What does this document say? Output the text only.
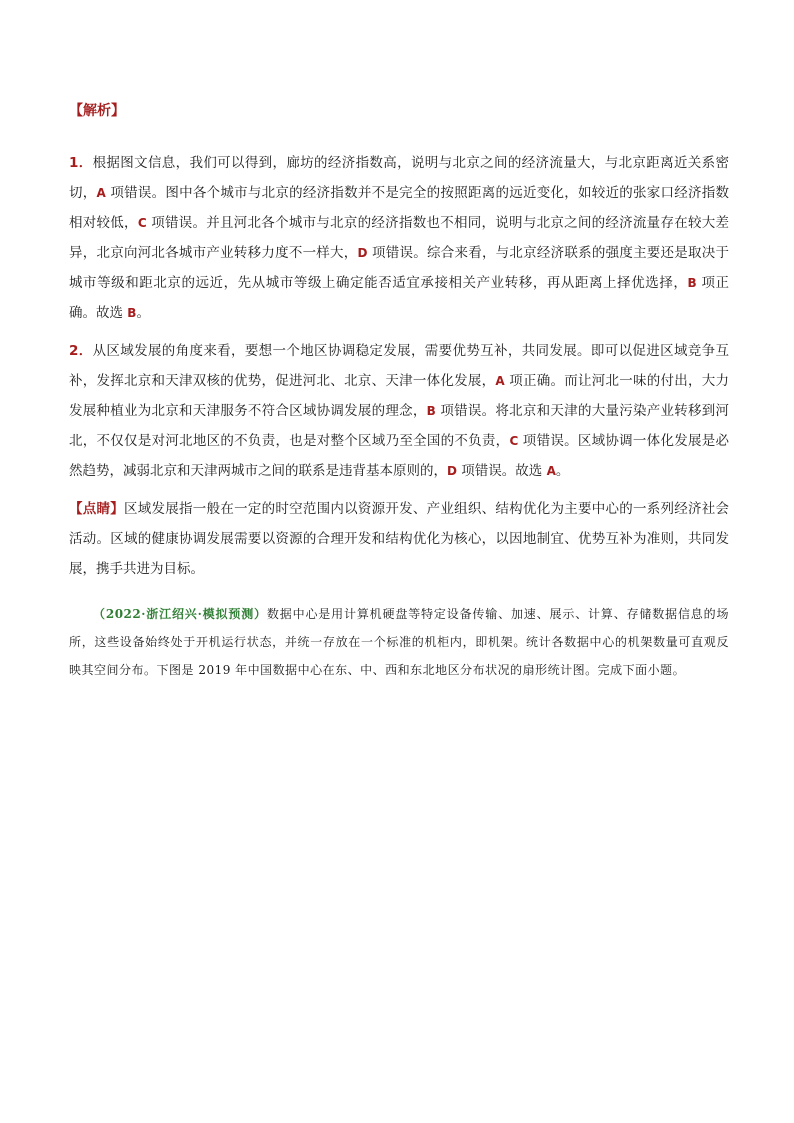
【解析】
1．根据图文信息，我们可以得到，廊坊的经济指数高，说明与北京之间的经济流量大，与北京距离近关系密切，A 项错误。图中各个城市与北京的经济指数并不是完全的按照距离的远近变化，如较近的张家口经济指数相对较低，C 项错误。并且河北各个城市与北京的经济指数也不相同，说明与北京之间的经济流量存在较大差异，北京向河北各城市产业转移力度不一样大，D 项错误。综合来看，与北京经济联系的强度主要还是取决于城市等级和距北京的远近，先从城市等级上确定能否适宜承接相关产业转移，再从距离上择优选择，B 项正确。故选 B。
2．从区域发展的角度来看，要想一个地区协调稳定发展，需要优势互补，共同发展。即可以促进区域竞争互补，发挥北京和天津双核的优势，促进河北、北京、天津一体化发展，A 项正确。而让河北一味的付出，大力发展种植业为北京和天津服务不符合区域协调发展的理念，B 项错误。将北京和天津的大量污染产业转移到河北，不仅仅是对河北地区的不负责，也是对整个区域乃至全国的不负责，C 项错误。区域协调一体化发展是必然趋势，减弱北京和天津两城市之间的联系是违背基本原则的，D 项错误。故选 A。
【点睛】区域发展指一般在一定的时空范围内以资源开发、产业组织、结构优化为主要中心的一系列经济社会活动。区域的健康协调发展需要以资源的合理开发和结构优化为核心，以因地制宜、优势互补为准则，共同发展，携手共进为目标。
（2022·浙江绍兴·模拟预测）数据中心是用计算机硬盘等特定设备传输、加速、展示、计算、存储数据信息的场所，这些设备始终处于开机运行状态，并统一存放在一个标准的机柜内，即机架。统计各数据中心的机架数量可直观反映其空间分布。下图是 2019 年中国数据中心在东、中、西和东北地区分布状况的扇形统计图。完成下面小题。
